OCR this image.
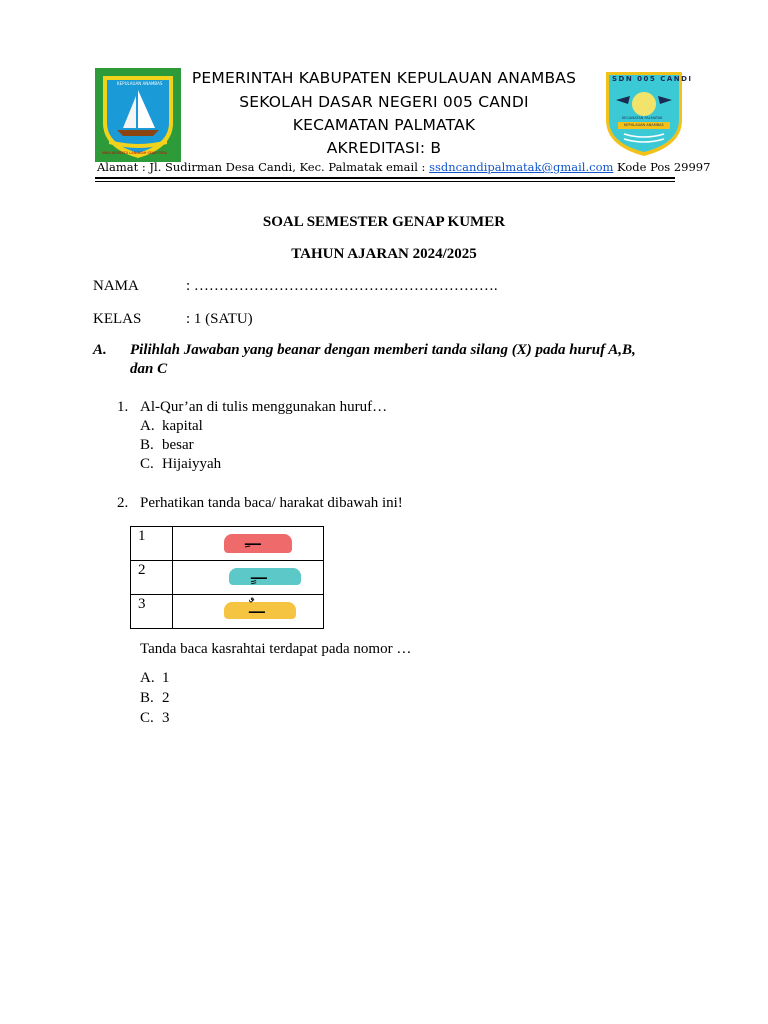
KEPULAUAN ANAMBAS
MAJU BERSATU LANGKAH SEJAHTERA
SDN 005 CANDI
KECAMATAN PALMATAK
KEPULAUAN ANAMBAS
PEMERINTAH KABUPATEN KEPULAUAN ANAMBAS
SEKOLAH DASAR NEGERI 005 CANDI
KECAMATAN PALMATAK
AKREDITASI: B
Alamat : Jl. Sudirman Desa Candi, Kec. Palmatak email : ssdncandipalmatak@gmail.com Kode Pos 29997
SOAL SEMESTER GENAP KUMER
TAHUN AJARAN 2024/2025
NAMA	: …………………………………………………….
KELAS	: 1 (SATU)
A. Pilihlah Jawaban yang beanar dengan memberi tanda silang (X) pada huruf A,B,
dan C
1. Al-Qur’an di tulis menggunakan huruf…
A. kapital
B. besar
C. Hijaiyyah
2. Perhatikan tanda baca/ harakat dibawah ini!
1	ـــِ

2	ـــٍ

3	ـــٌ
Tanda baca kasrahtai terdapat pada nomor …
A. 1
B. 2
C. 3
